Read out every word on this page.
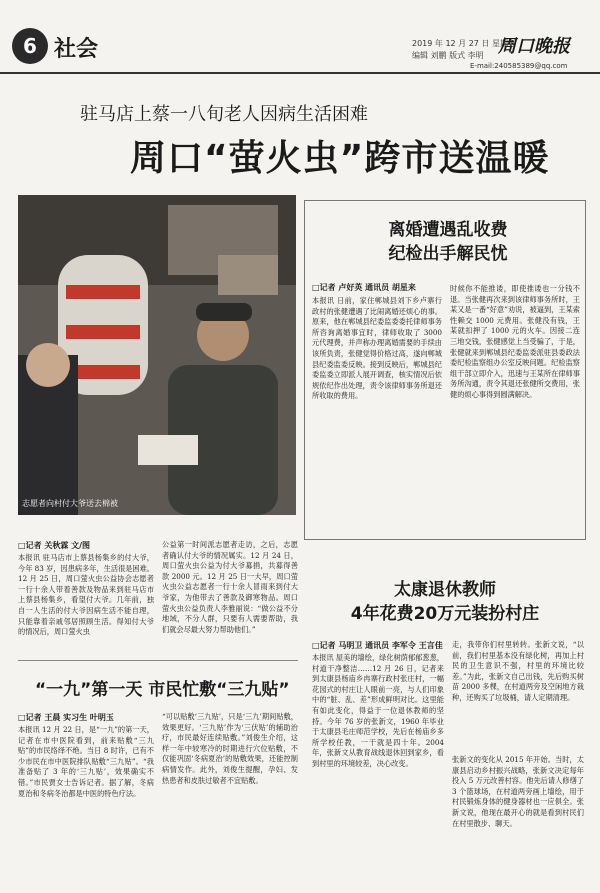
6 社会	2019 年 12 月 27 日 星期五
编辑 刘鹏 版式 李明
E-mail:240585389@qq.com
周口晚报
驻马店上蔡一八旬老人因病生活困难
周口“萤火虫”跨市送温暖
志愿者向村付大爷送去棉被
□记者 关秋霖 文/图
本报讯 驻马店市上蔡县杨集乡的付大爷，今年 83 岁，因患病多年，生活很是困难。12 月 25 日，周口萤火虫公益协会志愿者一行十余人带着善款及物品来到驻马店市上蔡县杨集乡，看望付大爷。几年前，独自一人生活的付大爷因病生活不能自理，只能靠着亲戚邻居照顾生活。得知付大爷的情况后，周口萤火虫
公益第一时间派志愿者走访，之后，志愿者确认付大爷的情况属实。12 月 24 日，周口萤火虫公益为付大爷募捐，共募得善款 2000 元。12 月 25 日一大早，周口萤火虫公益志愿者一行十余人冒雨来到付大爷家，为他带去了善款及御寒物品。周口萤火虫公益负责人李雅丽说：“做公益不分地域，不分人群，只要有人需要帮助，我们就会尽最大努力帮助他们。”
离婚遭遇乱收费
纪检出手解民忧
□记者 卢好英 通讯员 胡星来
本报讯 日前，家住郸城县刘下乡卢寨行政村的张健遭遇了比闹离婚还烦心的事。原来，他在郸城县纪委监委委托律师事务所咨询离婚事宜时，律师收取了 3000 元代理费，并声称办理离婚需要的手续由该所负责，张健觉得价格过高，遂向郸城县纪委监委反映。接到反映后，郸城县纪委监委立即派人展开调查，核实情况后依规依纪作出处理，责令该律师事务所退还所收取的费用。
时候你不能推诿，即使推诿也一分钱不退。当张健再次来到该律师事务所时，王某又是一番“好意”劝说，被逼到，王某索性赖交 1000 元费用。张健没有钱，王某就扣押了 1000 元的火车。因接二连三地交钱，张健感觉上当受骗了，于是，张健就来到郸城县纪委监委派驻县委政法委纪检监察组办公室反映问题。纪检监察组干部立即介入，迅速与王某所在律师事务所沟通，责令其退还张健所交费用，张健的烦心事得到圆满解决。
“一九”第一天 市民忙敷“三九贴”
□记者 王晨 实习生 叶明玉
本报讯 12 月 22 日，是“一九”的第一天，记者在市中医院看到，前来贴敷“三九贴”的市民络绎不绝。当日 8 时许，已有不少市民在市中医院排队贴敷“三九贴”。“我准备贴了 3 年的‘三九贴’，效果确实不错。”市民贾女士告诉记者。据了解，冬病夏治和冬病冬治都是中医的特色疗法。
“可以贴敷‘三九贴’，只是‘三九’期间贴敷，效果更好。‘三九贴’作为‘三伏贴’的辅助治疗，市民最好连续贴敷。”刘俊生介绍，这样一年中较寒冷的时期进行穴位贴敷，不仅能巩固‘冬病夏治’的贴敷效果，还能控制病情发作。此外，刘俊生提醒，孕妇、发热患者和皮肤过敏者不宜贴敷。
太康退休教师
4年花费20万元装扮村庄
□记者 马明卫 通讯员 李军令 王言佳
本报讯 屋美的墙绘，绿化树荫郁郁葱葱，村道干净整洁……12 月 26 日，记者来到太康县杨庙乡冉寨行政村张庄村，一幅花园式的村庄让人眼前一亮，与人们印象中的“脏、乱、差”形成鲜明对比。这里能有如此变化，得益于一位退休教师的坚持。今年 76 岁的张新文，1960 年毕业于太康县毛庄师范学校，先后在杨庙乡多所学校任教，一干就是四十年。2004 年，张新文从教育战线退休回到家乡，看到村里的环境较差，决心改变。
走，我带你们村里转转。张新文说，“以前，我们村里基本没有绿化树，再加上村民的卫生意识不强，村里的环境比较差。”为此，张新文自己出钱，先后购买树苗 2000 多棵，在村道两旁及空闲地方栽种，还购买了垃圾桶，请人定期清理。
张新文的变化从 2015 年开始。当时，太康县启动乡村振兴战略，张新文决定每年投入 5 万元改善村容。他先后请人修缮了 3 个篮球场，在村道两旁画上墙绘，用于村民锻炼身体的健身器材也一应俱全。张新文说，他现在最开心的就是看到村民们在村里散步、聊天。
